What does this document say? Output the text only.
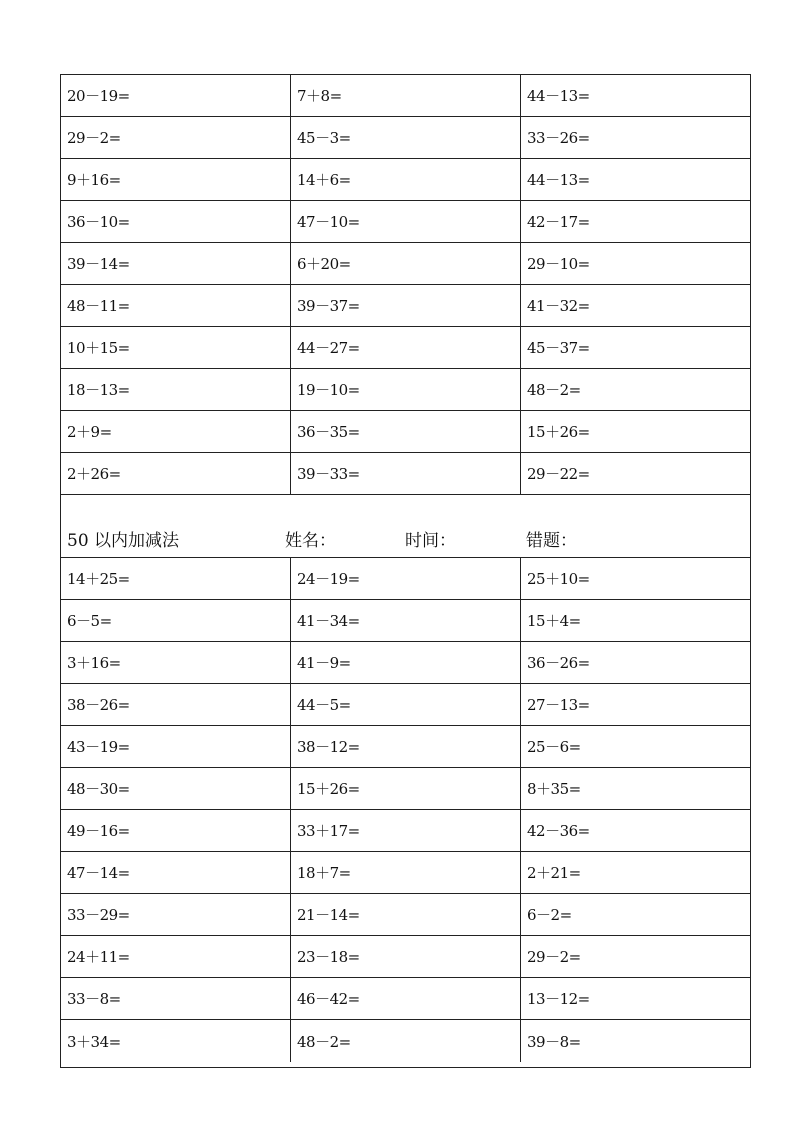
20－19=	7＋8=	44－13=
29－2=	45－3=	33－26=
9＋16=	14＋6=	44－13=
36－10=	47－10=	42－17=
39－14=	6＋20=	29－10=
48－11=	39－37=	41－32=
10＋15=	44－27=	45－37=
18－13=	19－10=	48－2=
2＋9=	36－35=	15＋26=
2＋26=	39－33=	29－22=
50 以内加减法	姓名：	时间：	错题：
14＋25=	24－19=	25＋10=
6－5=	41－34=	15＋4=
3＋16=	41－9=	36－26=
38－26=	44－5=	27－13=
43－19=	38－12=	25－6=
48－30=	15＋26=	8＋35=
49－16=	33＋17=	42－36=
47－14=	18＋7=	2＋21=
33－29=	21－14=	6－2=
24＋11=	23－18=	29－2=
33－8=	46－42=	13－12=
3＋34=	48－2=	39－8=
